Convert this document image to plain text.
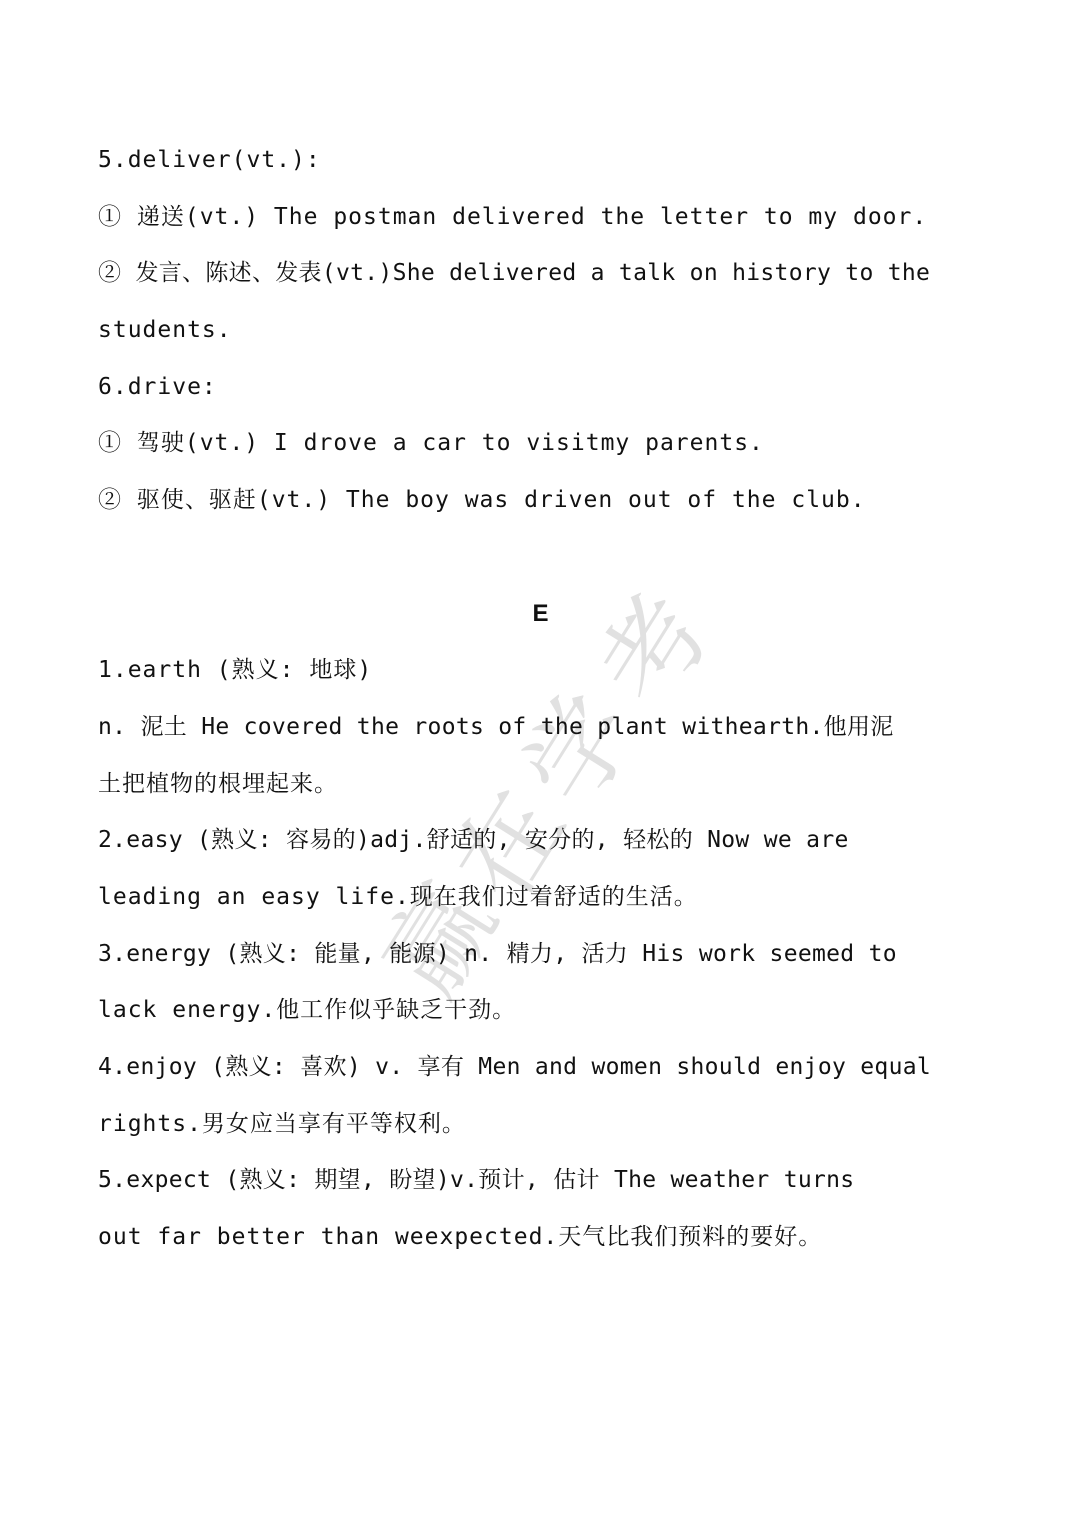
考
学
在
赢
5.deliver(vt.):
① 递送(vt.) The postman delivered the letter to my door.
② 发言、陈述、发表(vt.)She delivered a talk on history to the
students.
6.drive:
① 驾驶(vt.) I drove a car to visitmy parents.
② 驱使、驱赶(vt.) The boy was driven out of the club.
E
1.earth (熟义: 地球)
n. 泥土 He covered the roots of the plant withearth.他用泥
土把植物的根埋起来。
2.easy (熟义: 容易的)adj.舒适的, 安分的, 轻松的 Now we are
leading an easy life.现在我们过着舒适的生活。
3.energy (熟义: 能量, 能源) n. 精力, 活力 His work seemed to
lack energy.他工作似乎缺乏干劲。
4.enjoy (熟义: 喜欢) v. 享有 Men and women should enjoy equal
rights.男女应当享有平等权利。
5.expect (熟义: 期望, 盼望)v.预计, 估计 The weather turns
out far better than weexpected.天气比我们预料的要好。
